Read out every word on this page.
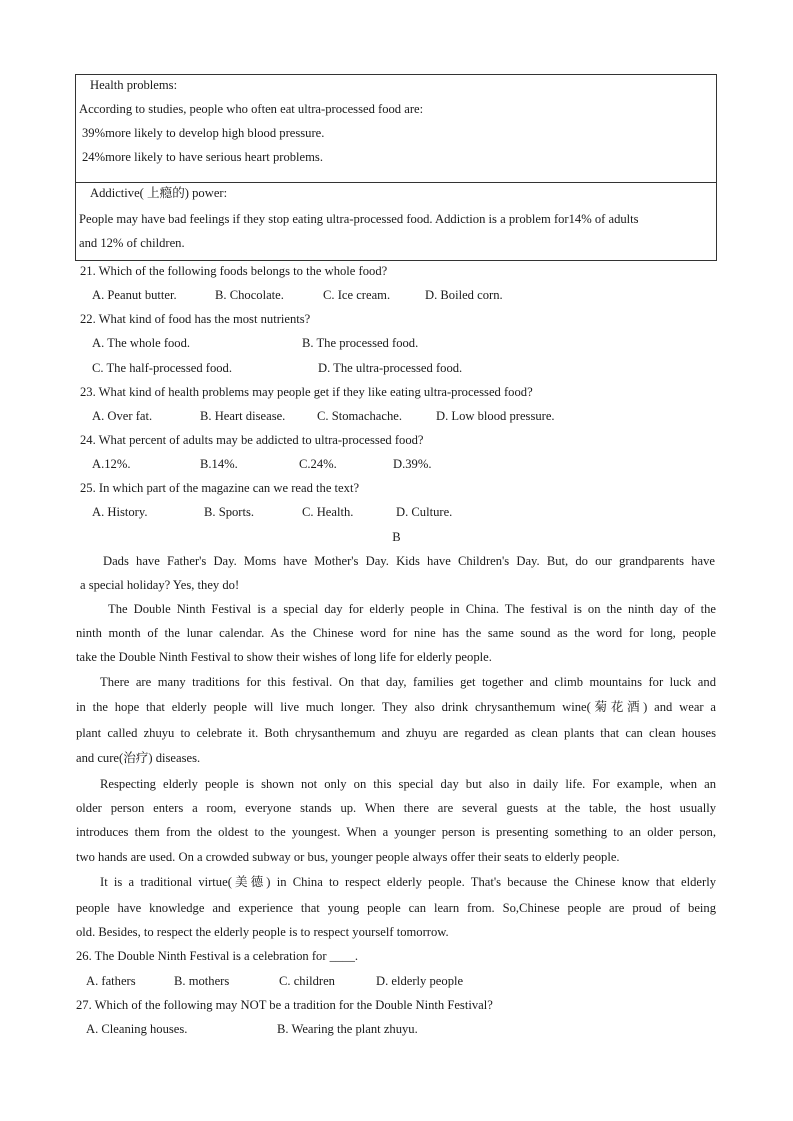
Health problems:
According to studies, people who often eat ultra-processed food are:
39%more likely to develop high blood pressure.
24%more likely to have serious heart problems.
Addictive( 上瘾的) power:
People may have bad feelings if they stop eating ultra-processed food. Addiction is a problem for14% of adults
and 12% of children.
21. Which of the following foods belongs to the whole food?
A. Peanut butter.	B. Chocolate.	C. Ice cream.	D. Boiled corn.
22. What kind of food has the most nutrients?
A. The whole food.	B. The processed food.
C. The half-processed food.	D. The ultra-processed food.
23. What kind of health problems may people get if they like eating ultra-processed food?
A. Over fat.	B. Heart disease.	C. Stomachache.	D. Low blood pressure.
24. What percent of adults may be addicted to ultra-processed food?
A.12%.	B.14%.	C.24%.	D.39%.
25. In which part of the magazine can we read the text?
A. History.	B. Sports.	C. Health.	D. Culture.
B
Dads have Father's Day. Moms have Mother's Day. Kids have Children's Day. But, do our grandparents have
a special holiday? Yes, they do!
The Double Ninth Festival is a special day for elderly people in China. The festival is on the ninth day of the
ninth month of the lunar calendar. As the Chinese word for nine has the same sound as the word for long, people
take the Double Ninth Festival to show their wishes of long life for elderly people.
There are many traditions for this festival. On that day, families get together and climb mountains for luck and
in the hope that elderly people will live much longer. They also drink chrysanthemum wine(菊花酒) and wear a
plant called zhuyu to celebrate it. Both chrysanthemum and zhuyu are regarded as clean plants that can clean houses
and cure(治疗) diseases.
Respecting elderly people is shown not only on this special day but also in daily life. For example, when an
older person enters a room, everyone stands up. When there are several guests at the table, the host usually
introduces them from the oldest to the youngest. When a younger person is presenting something to an older person,
two hands are used. On a crowded subway or bus, younger people always offer their seats to elderly people.
It is a traditional virtue(美德) in China to respect elderly people. That's because the Chinese know that elderly
people have knowledge and experience that young people can learn from. So,Chinese people are proud of being
old. Besides, to respect the elderly people is to respect yourself tomorrow.
26. The Double Ninth Festival is a celebration for ____.
A. fathers	B. mothers	C. children	D. elderly people
27. Which of the following may NOT be a tradition for the Double Ninth Festival?
A. Cleaning houses.	B. Wearing the plant zhuyu.
